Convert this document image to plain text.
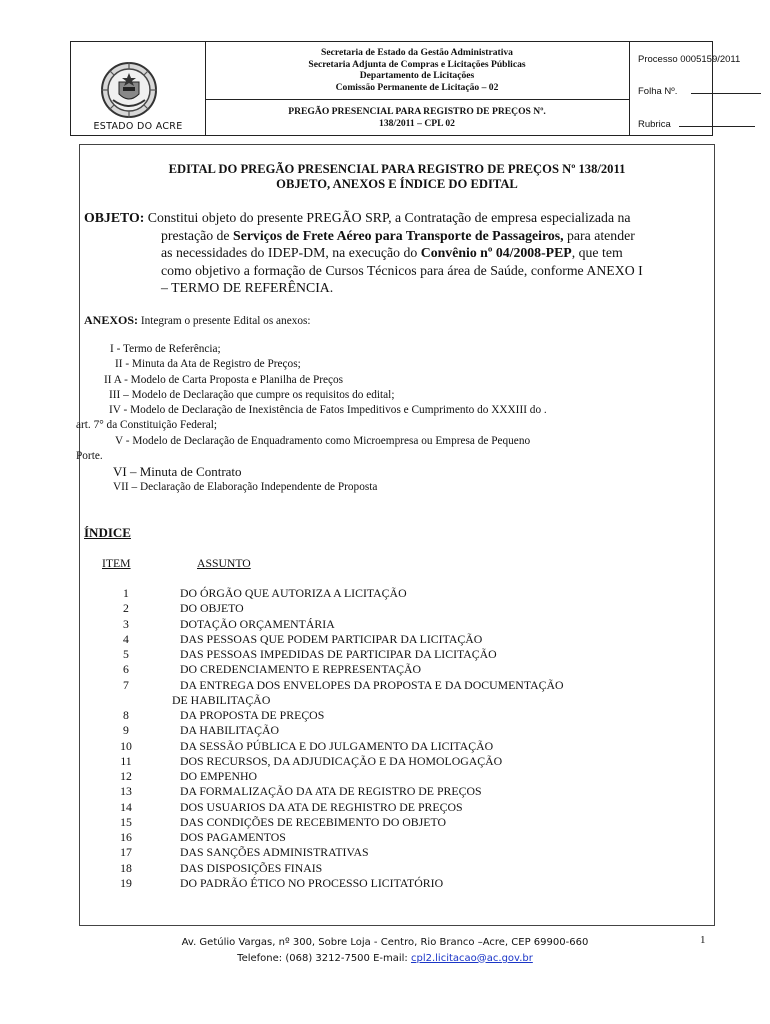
ESTADO DO ACRE
Secretaria de Estado da Gestão Administrativa
Secretaria Adjunta de Compras e Licitações Públicas
Departamento de Licitações
Comissão Permanente de Licitação – 02
PREGÃO PRESENCIAL PARA REGISTRO DE PREÇOS Nº.
138/2011 – CPL 02
Processo 0005159/2011
Folha Nº.
Rubrica
EDITAL DO PREGÃO PRESENCIAL PARA REGISTRO DE PREÇOS Nº 138/2011
OBJETO, ANEXOS E ÍNDICE DO EDITAL
OBJETO: Constitui objeto do presente PREGÃO SRP, a Contratação de empresa especializada na
prestação de Serviços de Frete Aéreo para Transporte de Passageiros, para atender
as necessidades do IDEP-DM, na execução do Convênio nº 04/2008-PEP, que tem
como objetivo a formação de Cursos Técnicos para área de Saúde, conforme ANEXO I
– TERMO DE REFERÊNCIA.
ANEXOS: Integram o presente Edital os anexos:
I - Termo de Referência;
II - Minuta da Ata de Registro de Preços;
II A - Modelo de Carta Proposta e Planilha de Preços
III – Modelo de Declaração que cumpre os requisitos do edital;
IV - Modelo de Declaração de Inexistência de Fatos Impeditivos e Cumprimento do XXXIII do .
art. 7° da Constituição Federal;
V - Modelo de Declaração de Enquadramento como Microempresa ou Empresa de Pequeno
Porte.
VI – Minuta de Contrato
VII – Declaração de Elaboração Independente de Proposta
ÍNDICE
ITEM	ASSUNTO
1	DO ÓRGÃO QUE AUTORIZA A LICITAÇÃO
2	DO OBJETO
3	DOTAÇÃO ORÇAMENTÁRIA
4	DAS PESSOAS QUE PODEM PARTICIPAR DA LICITAÇÃO
5	DAS PESSOAS IMPEDIDAS DE PARTICIPAR DA LICITAÇÃO
6	DO CREDENCIAMENTO E REPRESENTAÇÃO
7	DA ENTREGA DOS ENVELOPES DA PROPOSTA E DA DOCUMENTAÇÃO
DE HABILITAÇÃO
8	DA PROPOSTA DE PREÇOS
9	DA HABILITAÇÃO
10	DA SESSÃO PÚBLICA E DO JULGAMENTO DA LICITAÇÃO
11	DOS RECURSOS, DA ADJUDICAÇÃO E DA HOMOLOGAÇÃO
12	DO EMPENHO
13	DA FORMALIZAÇÃO DA ATA DE REGISTRO DE PREÇOS
14	DOS USUARIOS DA ATA DE REGHISTRO DE PREÇOS
15	DAS CONDIÇÕES DE RECEBIMENTO DO OBJETO
16	DOS PAGAMENTOS
17	DAS SANÇÕES ADMINISTRATIVAS
18	DAS DISPOSIÇÕES FINAIS
19	DO PADRÃO ÉTICO NO PROCESSO LICITATÓRIO
Av. Getúlio Vargas, nº 300, Sobre Loja - Centro, Rio Branco –Acre, CEP 69900-660
Telefone: (068) 3212-7500 E-mail: cpl2.licitacao@ac.gov.br
1
